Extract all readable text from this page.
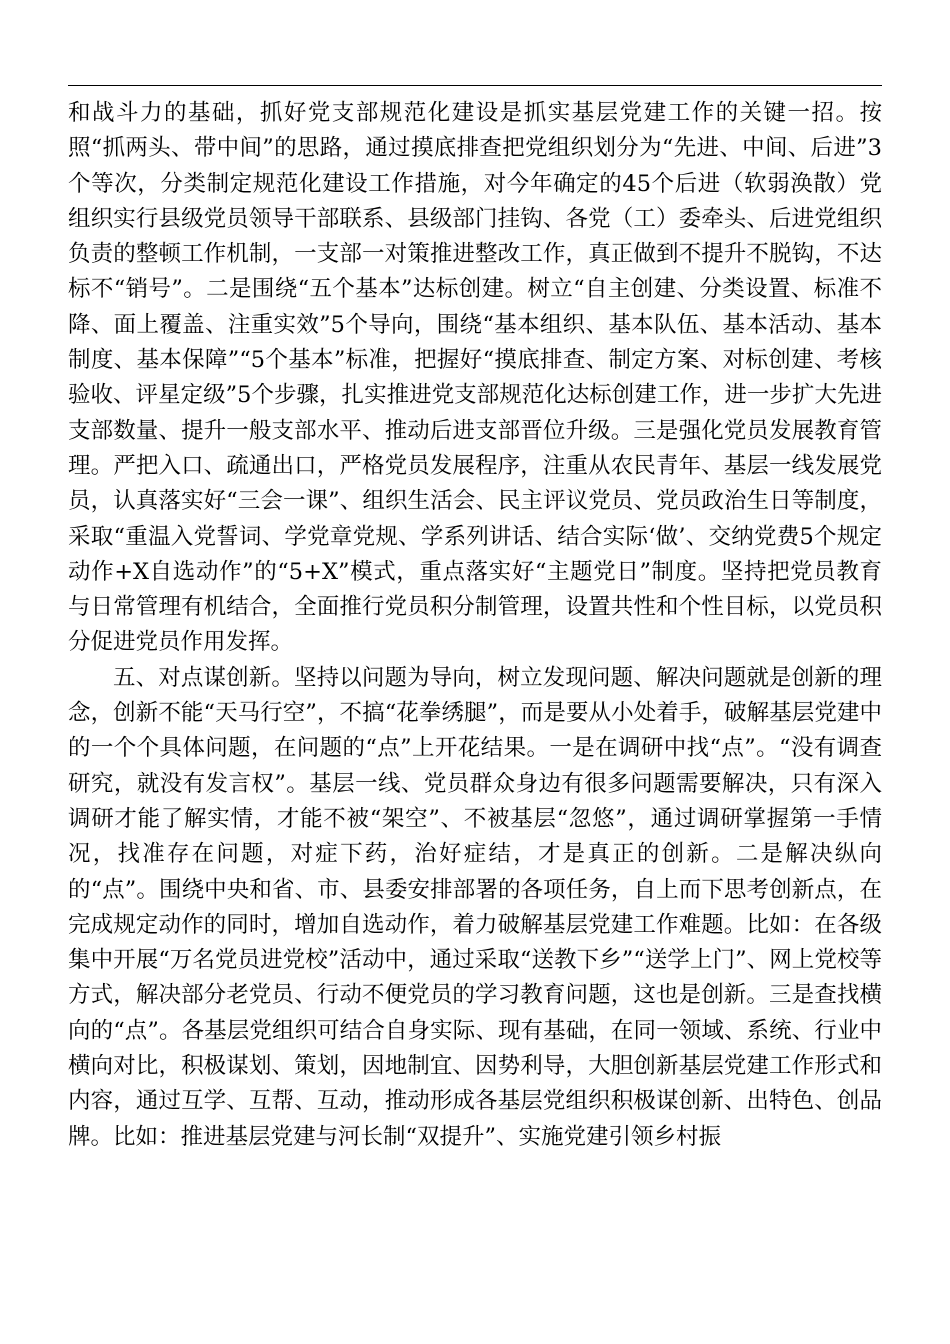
和战斗力的基础，抓好党支部规范化建设是抓实基层党建工作的关键一招。按照“抓两头、带中间”的思路，通过摸底排查把党组织划分为“先进、中间、后进”3个等次，分类制定规范化建设工作措施，对今年确定的45个后进（软弱涣散）党组织实行县级党员领导干部联系、县级部门挂钩、各党（工）委牵头、后进党组织负责的整顿工作机制，一支部一对策推进整改工作，真正做到不提升不脱钩，不达标不“销号”。二是围绕“五个基本”达标创建。树立“自主创建、分类设置、标准不降、面上覆盖、注重实效”5个导向，围绕“基本组织、基本队伍、基本活动、基本制度、基本保障”“5个基本”标准，把握好“摸底排查、制定方案、对标创建、考核验收、评星定级”5个步骤，扎实推进党支部规范化达标创建工作，进一步扩大先进支部数量、提升一般支部水平、推动后进支部晋位升级。三是强化党员发展教育管理。严把入口、疏通出口，严格党员发展程序，注重从农民青年、基层一线发展党员，认真落实好“三会一课”、组织生活会、民主评议党员、党员政治生日等制度，采取“重温入党誓词、学党章党规、学系列讲话、结合实际‘做’、交纳党费5个规定动作+X自选动作”的“5+X”模式，重点落实好“主题党日”制度。坚持把党员教育与日常管理有机结合，全面推行党员积分制管理，设置共性和个性目标，以党员积分促进党员作用发挥。

五、对点谋创新。坚持以问题为导向，树立发现问题、解决问题就是创新的理念，创新不能“天马行空”，不搞“花拳绣腿”，而是要从小处着手，破解基层党建中的一个个具体问题，在问题的“点”上开花结果。一是在调研中找“点”。“没有调查研究，就没有发言权”。基层一线、党员群众身边有很多问题需要解决，只有深入调研才能了解实情，才能不被“架空”、不被基层“忽悠”，通过调研掌握第一手情况，找准存在问题，对症下药，治好症结，才是真正的创新。二是解决纵向的“点”。围绕中央和省、市、县委安排部署的各项任务，自上而下思考创新点，在完成规定动作的同时，增加自选动作，着力破解基层党建工作难题。比如：在各级集中开展“万名党员进党校”活动中，通过采取“送教下乡”“送学上门”、网上党校等方式，解决部分老党员、行动不便党员的学习教育问题，这也是创新。三是查找横向的“点”。各基层党组织可结合自身实际、现有基础，在同一领域、系统、行业中横向对比，积极谋划、策划，因地制宜、因势利导，大胆创新基层党建工作形式和内容，通过互学、互帮、互动，推动形成各基层党组织积极谋创新、出特色、创品牌。比如：推进基层党建与河长制“双提升”、实施党建引领乡村振
